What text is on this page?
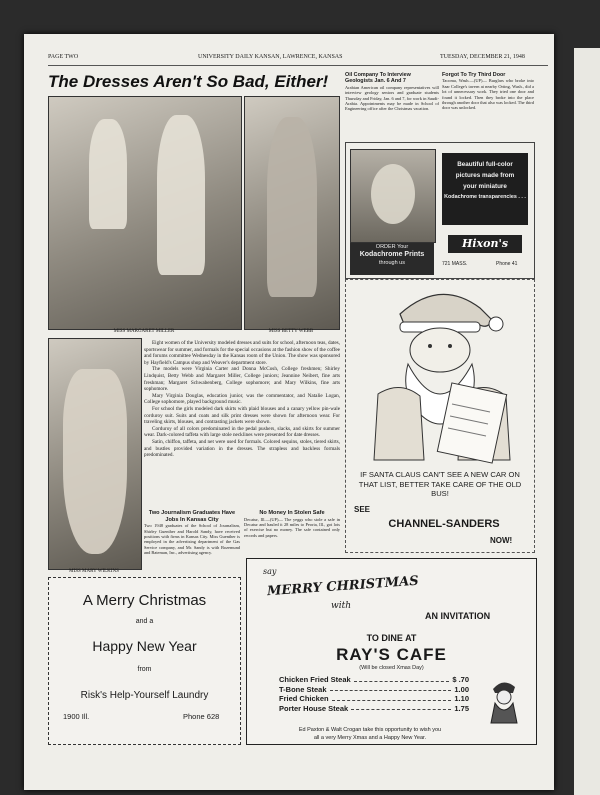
PAGE TWO	UNIVERSITY DAILY KANSAN, LAWRENCE, KANSAS	TUESDAY, DECEMBER 21, 1948
The Dresses Aren't So Bad, Either!
MISS MARGARET MILLER	MISS BETTY WEBB
MISS MARY WILKINS
Eight women of the University modeled dresses and suits for school, afternoon teas, dates, sportswear for summer, and formals for the special occasions at the fashion show of the coffee and forums committee Wednesday in the Kansas room of the Union. The show was sponsored by Hayfield's Campus shop and Weaver's department store.
The models were Virginia Carter and Donna McCosh, College freshmen; Shirley Lindquist, Betty Webb and Margaret Miller, College juniors; Jeannine Neibert, fine arts freshman; Margaret Schwabenberg, College sophomore; and Mary Wilkins, fine arts sophomore.
Mary Virginia Douglas, education junior, was the commentator, and Natalie Logan, College sophomore, played background music.
For school the girls modeled dark skirts with plaid blouses and a canary yellow pin-wale corduroy suit. Suits and coats and silk print dresses were shown for afternoon wear. For traveling skirts, blouses, and contrasting jackets were shown.
Corduroy of all colors predominated in the pedal pushers, slacks, and skirts for summer wear. Dark-colored taffeta with large stole necklines were presented for date dresses.
Satin, chiffon, taffeta, and net were used for formals. Colored sequins, stoles, tiered skirts, and bustles provided variation in the dresses. The strapless and backless formals predominated.
Two Journalism Graduates Have Jobs In Kansas City
Two 1948 graduates of the School of Journalism, Shirley Guenther and Harold Sandy, have received positions with firms in Kansas City. Miss Guenther is employed in the advertising department of the Gas Service company, and Mr. Sandy is with Bozemund and Bateman, Inc., advertising agency.
No Money In Stolen Safe
Decatur, Ill.—(UP)— The yeggs who stole a safe in Decatur and hauled it 28 miles to Peoria, Ill., got lots of exercise but no money. The safe contained only records and papers.
Oil Company To Interview Geologists Jan. 6 And 7
Arabian American oil company representatives will interview geology seniors and graduate students Thursday and Friday, Jan. 6 and 7, for work in Saudi-Arabia. Appointments may be made in School of Engineering office after the Christmas vacation.
Forgot To Try Third Door
Tacoma, Wash.—(UP)— Burglars who broke into Saar College's tavern at nearby Orting, Wash., did a lot of unnecessary work. They tried one door and found it locked. Then they broke into the place through another door that also was locked. The third door was unlocked.
ORDER Your
Kodachrome Prints
through us
Beautiful full-color
pictures made from
your miniature
Kodachrome transparencies . . .
Hixon's
721 MASS.	Phone 41
IF SANTA CLAUS CAN'T SEE A NEW CAR ON THAT LIST, BETTER TAKE CARE OF THE OLD BUS!
SEE
CHANNEL-SANDERS
NOW!
A Merry Christmas
and a
Happy New Year
from
Risk's Help-Yourself Laundry
1900 Ill.	Phone 628
say
MERRY CHRISTMAS
with
AN INVITATION
TO DINE AT
RAY'S CAFE
(Will be closed Xmas Day)
Chicken Fried Steak	$ .70
T-Bone Steak	1.00
Fried Chicken	1.10
Porter House Steak	1.75
Ed Paxton & Walt Crogan take this opportunity to wish you
all a very Merry Xmas and a Happy New Year.
